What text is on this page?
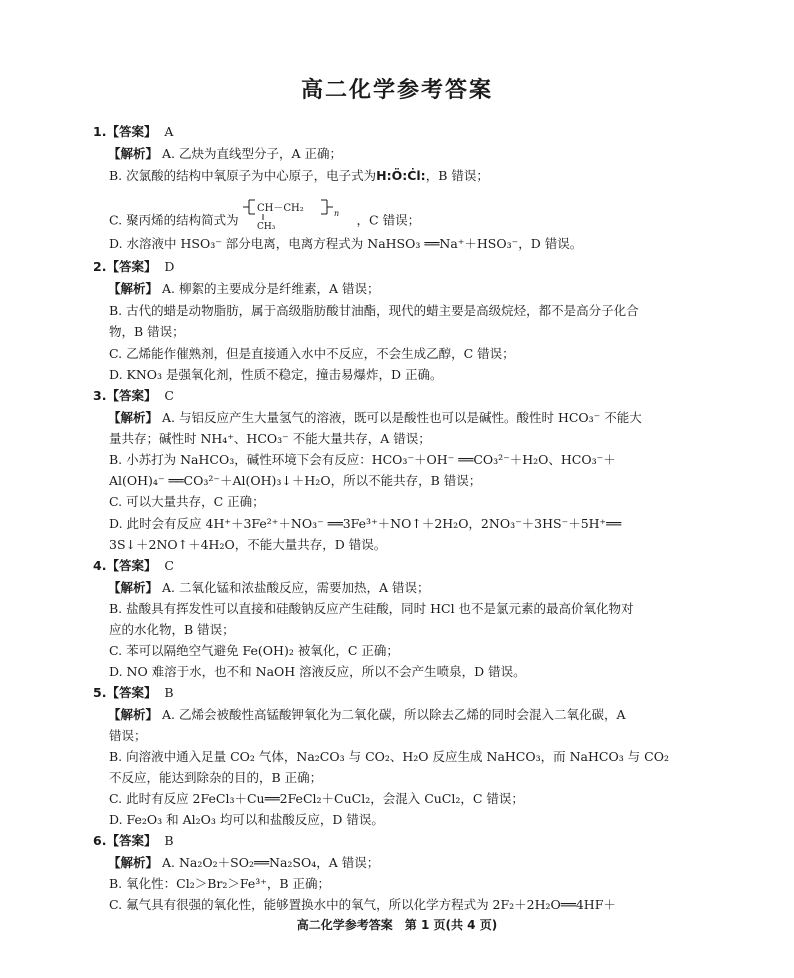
高二化学参考答案
1.【答案】 A
【解析】 A. 乙炔为直线型分子，A 正确；
B. 次氯酸的结构中氧原子为中心原子，电子式为H:Ö:Ċl:，B 错误；
C. 聚丙烯的结构简式为
CH－CH₂	n
CH₃	，C 错误；
D. 水溶液中 HSO₃⁻ 部分电离，电离方程式为 NaHSO₃ ══Na⁺＋HSO₃⁻，D 错误。
2.【答案】 D
【解析】 A. 柳絮的主要成分是纤维素，A 错误；
B. 古代的蜡是动物脂肪，属于高级脂肪酸甘油酯，现代的蜡主要是高级烷烃，都不是高分子化合
物，B 错误；
C. 乙烯能作催熟剂，但是直接通入水中不反应，不会生成乙醇，C 错误；
D. KNO₃ 是强氧化剂，性质不稳定，撞击易爆炸，D 正确。
3.【答案】 C
【解析】 A. 与铝反应产生大量氢气的溶液，既可以是酸性也可以是碱性。酸性时 HCO₃⁻ 不能大
量共存；碱性时 NH₄⁺、HCO₃⁻ 不能大量共存，A 错误；
B. 小苏打为 NaHCO₃，碱性环境下会有反应：HCO₃⁻＋OH⁻ ══CO₃²⁻＋H₂O、HCO₃⁻＋
Al(OH)₄⁻ ══CO₃²⁻＋Al(OH)₃↓＋H₂O，所以不能共存，B 错误；
C. 可以大量共存，C 正确；
D. 此时会有反应 4H⁺＋3Fe²⁺＋NO₃⁻ ══3Fe³⁺＋NO↑＋2H₂O，2NO₃⁻＋3HS⁻＋5H⁺══
3S↓＋2NO↑＋4H₂O，不能大量共存，D 错误。
4.【答案】 C
【解析】 A. 二氧化锰和浓盐酸反应，需要加热，A 错误；
B. 盐酸具有挥发性可以直接和硅酸钠反应产生硅酸，同时 HCl 也不是氯元素的最高价氧化物对
应的水化物，B 错误；
C. 苯可以隔绝空气避免 Fe(OH)₂ 被氧化，C 正确；
D. NO 难溶于水，也不和 NaOH 溶液反应，所以不会产生喷泉，D 错误。
5.【答案】 B
【解析】 A. 乙烯会被酸性高锰酸钾氧化为二氧化碳，所以除去乙烯的同时会混入二氧化碳，A
错误；
B. 向溶液中通入足量 CO₂ 气体，Na₂CO₃ 与 CO₂、H₂O 反应生成 NaHCO₃，而 NaHCO₃ 与 CO₂
不反应，能达到除杂的目的，B 正确；
C. 此时有反应 2FeCl₃＋Cu══2FeCl₂＋CuCl₂，会混入 CuCl₂，C 错误；
D. Fe₂O₃ 和 Al₂O₃ 均可以和盐酸反应，D 错误。
6.【答案】 B
【解析】 A. Na₂O₂＋SO₂══Na₂SO₄，A 错误；
B. 氧化性：Cl₂＞Br₂＞Fe³⁺，B 正确；
C. 氟气具有很强的氧化性，能够置换水中的氧气，所以化学方程式为 2F₂＋2H₂O══4HF＋
高二化学参考答案　第 1 页(共 4 页)
